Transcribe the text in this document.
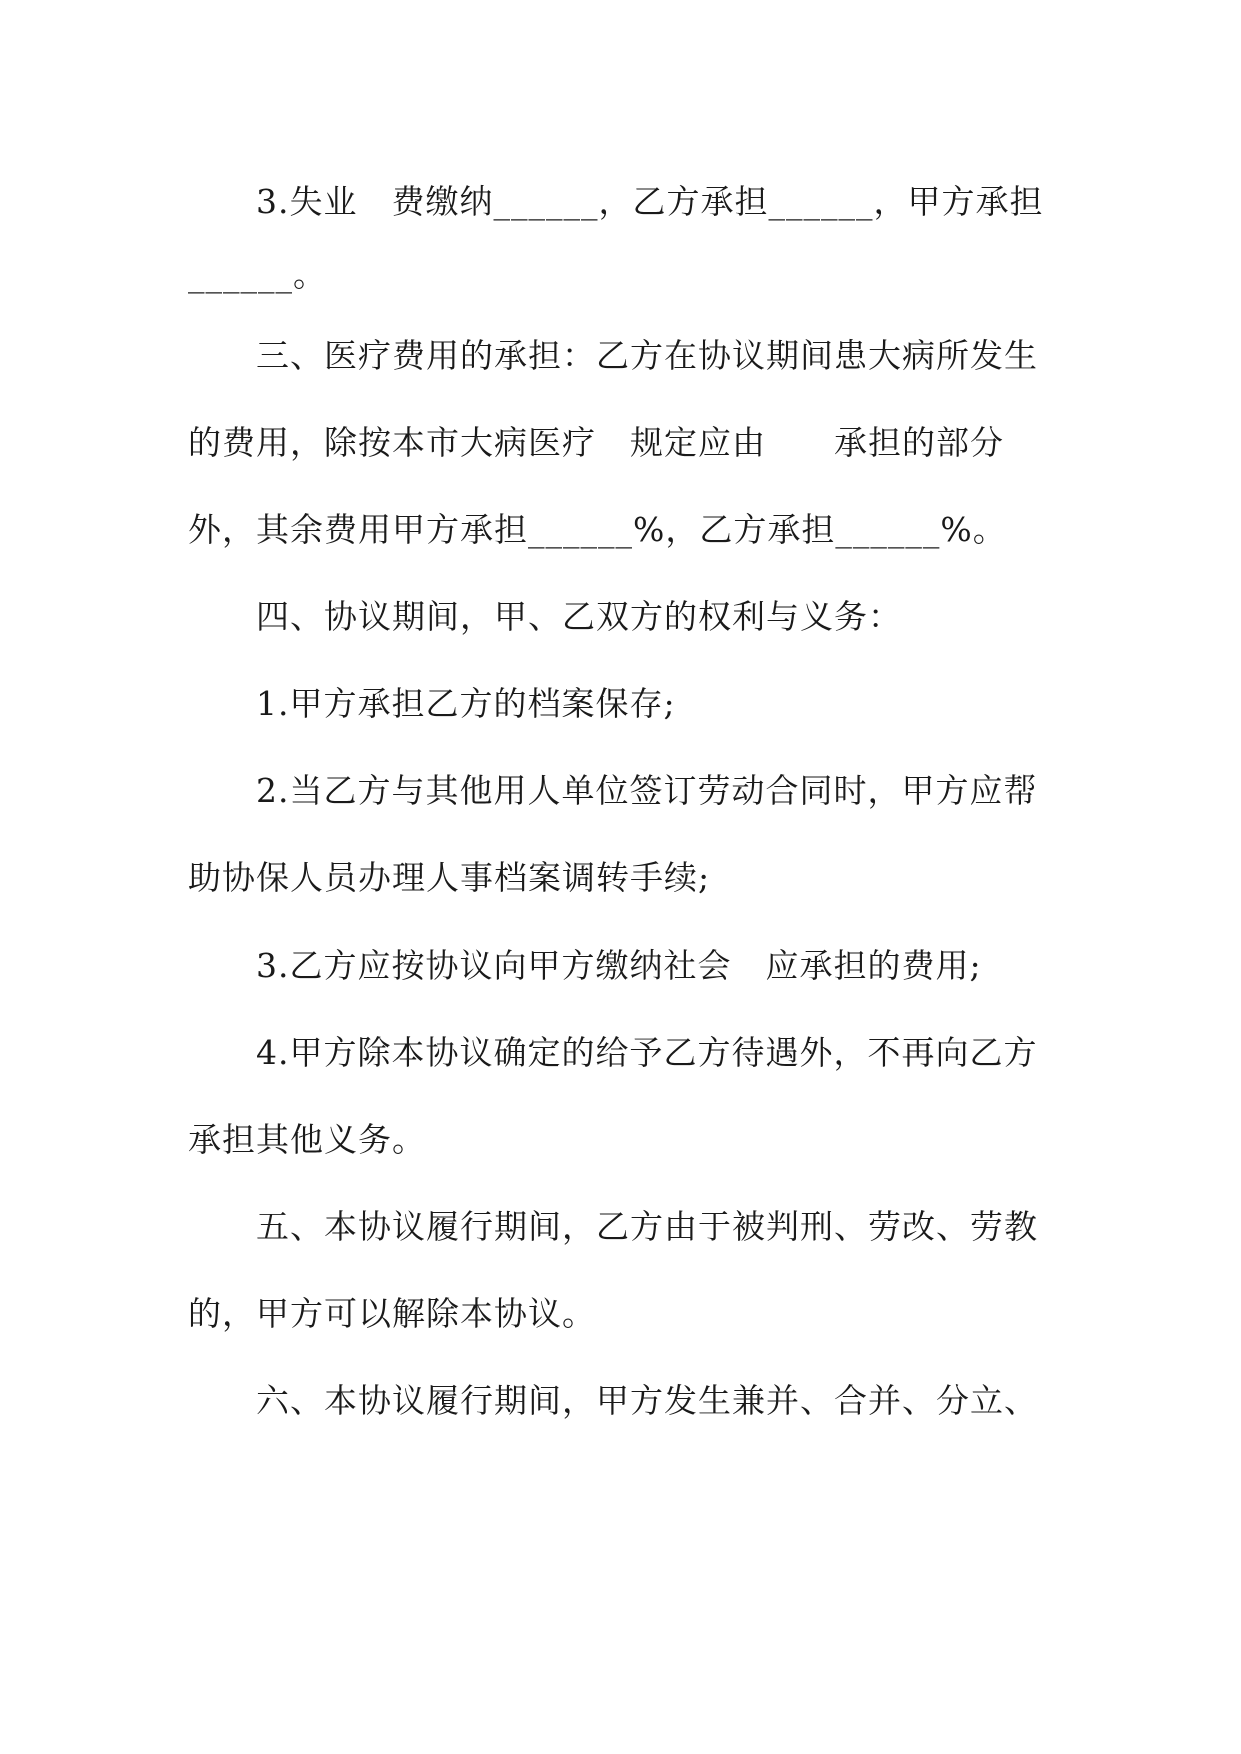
3.失业　费缴纳______，乙方承担______，甲方承担
______。
三、医疗费用的承担：乙方在协议期间患大病所发生
的费用，除按本市大病医疗　规定应由　　承担的部分
外，其余费用甲方承担______%，乙方承担______%。
四、协议期间，甲、乙双方的权利与义务：
1.甲方承担乙方的档案保存;
2.当乙方与其他用人单位签订劳动合同时，甲方应帮
助协保人员办理人事档案调转手续;
3.乙方应按协议向甲方缴纳社会　应承担的费用;
4.甲方除本协议确定的给予乙方待遇外，不再向乙方
承担其他义务。
五、本协议履行期间，乙方由于被判刑、劳改、劳教
的，甲方可以解除本协议。
六、本协议履行期间，甲方发生兼并、合并、分立、
